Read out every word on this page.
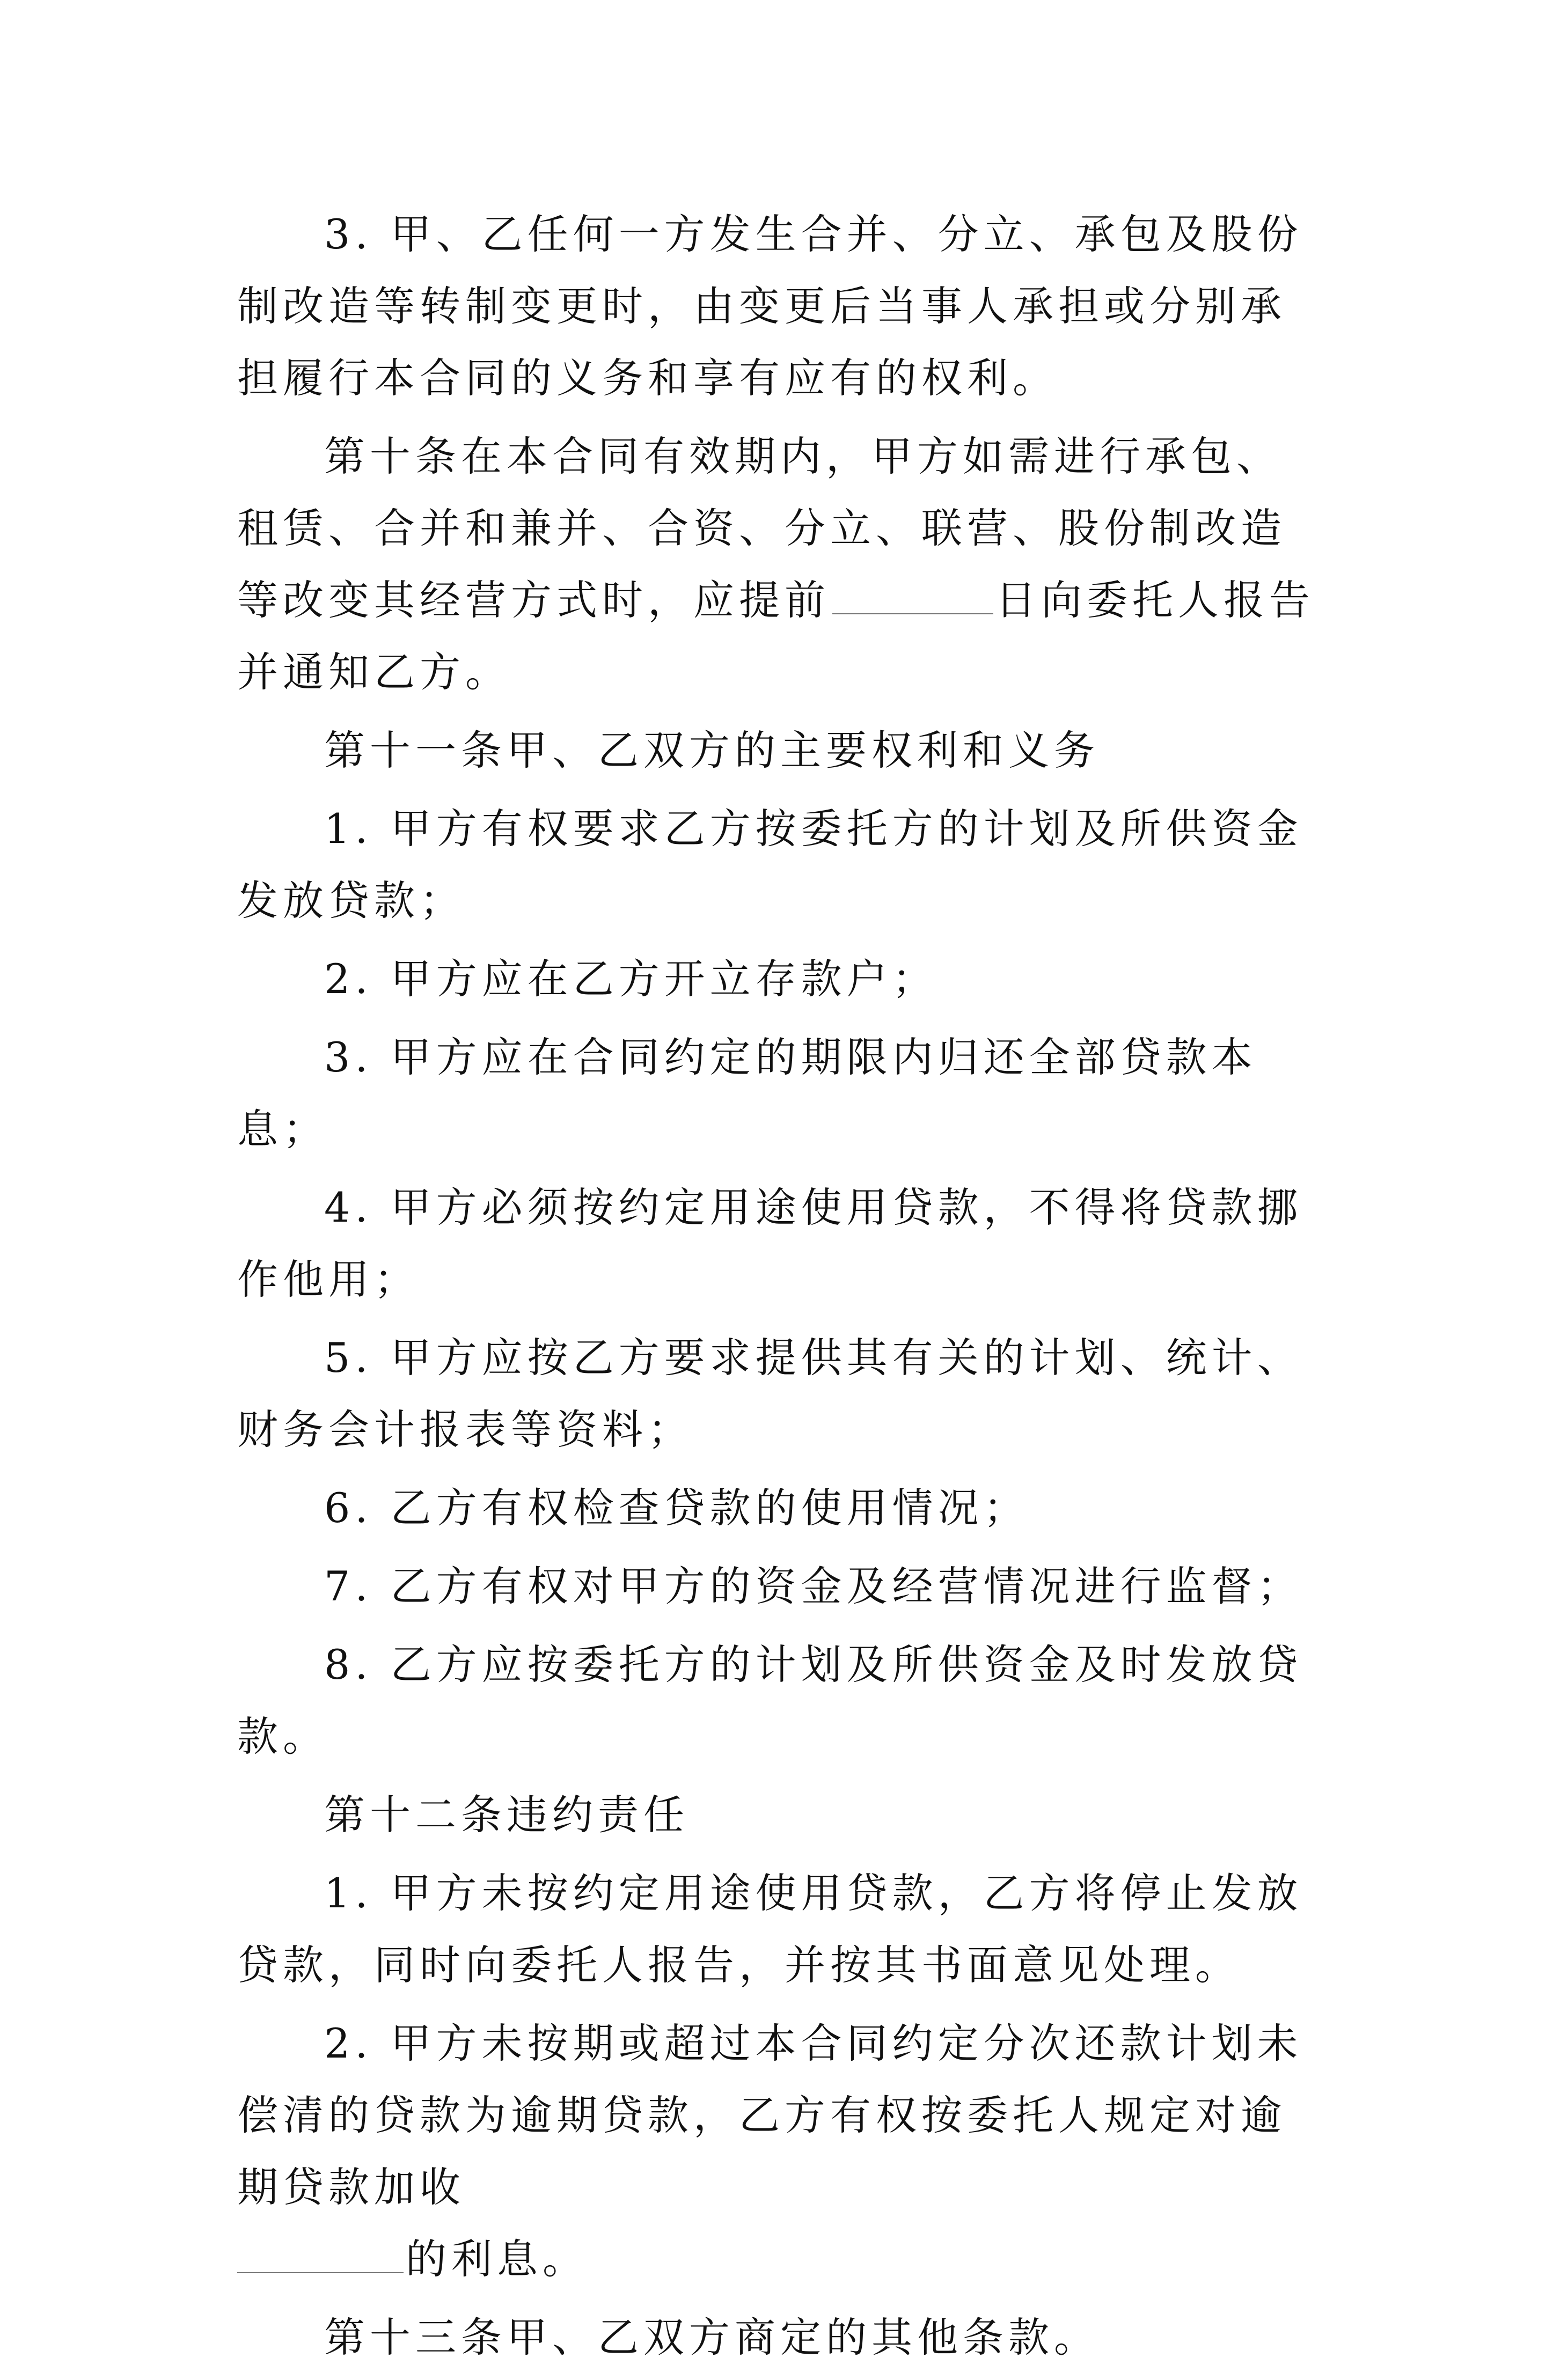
3. 甲、乙任何一方发生合并、分立、承包及股份制改造等转制变更时，由变更后当事人承担或分别承担履行本合同的义务和享有应有的权利。

第十条在本合同有效期内，甲方如需进行承包、租赁、合并和兼并、合资、分立、联营、股份制改造等改变其经营方式时，应提前	日向委托人报告并通知乙方。

第十一条甲、乙双方的主要权利和义务

1. 甲方有权要求乙方按委托方的计划及所供资金发放贷款；

2. 甲方应在乙方开立存款户；

3. 甲方应在合同约定的期限内归还全部贷款本息；

4. 甲方必须按约定用途使用贷款，不得将贷款挪作他用；

5. 甲方应按乙方要求提供其有关的计划、统计、财务会计报表等资料；

6. 乙方有权检查贷款的使用情况；

7. 乙方有权对甲方的资金及经营情况进行监督；

8. 乙方应按委托方的计划及所供资金及时发放贷款。

第十二条违约责任

1. 甲方未按约定用途使用贷款，乙方将停止发放贷款，同时向委托人报告，并按其书面意见处理。

2. 甲方未按期或超过本合同约定分次还款计划未偿清的贷款为逾期贷款，乙方有权按委托人规定对逾期贷款加收

的利息。

第十三条甲、乙双方商定的其他条款。
